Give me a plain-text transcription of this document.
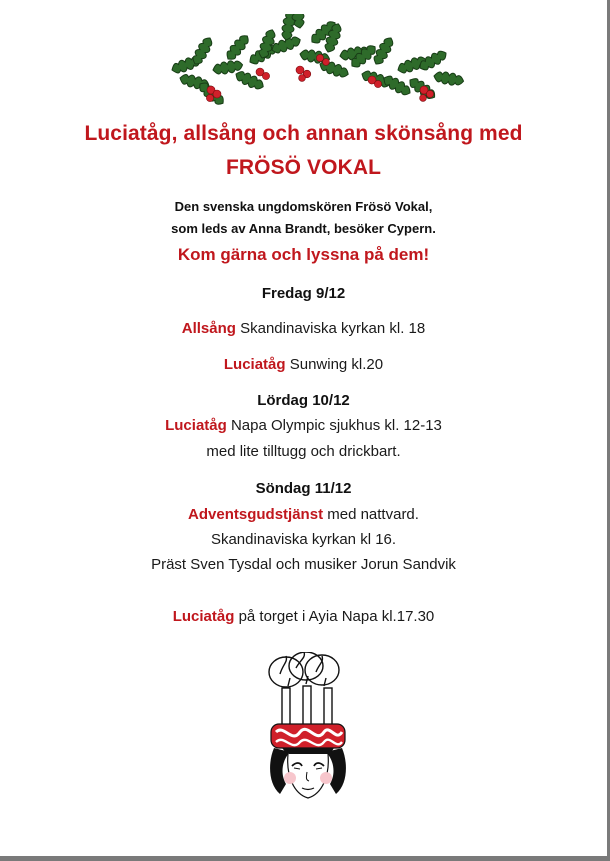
Luciatåg, allsång och annan skönsång med
FRÖSÖ VOKAL
Den svenska ungdomskören Frösö Vokal,
som leds av Anna Brandt, besöker Cypern.
Kom gärna och lyssna på dem!
Fredag 9/12
Allsång Skandinaviska kyrkan kl. 18
Luciatåg Sunwing kl.20
Lördag 10/12
Luciatåg Napa Olympic sjukhus kl. 12-13
med lite tilltugg och drickbart.
Söndag 11/12
Adventsgudstjänst med nattvard.
Skandinaviska kyrkan kl 16.
Präst Sven Tysdal och musiker Jorun Sandvik
Luciatåg på torget i Ayia Napa kl.17.30
